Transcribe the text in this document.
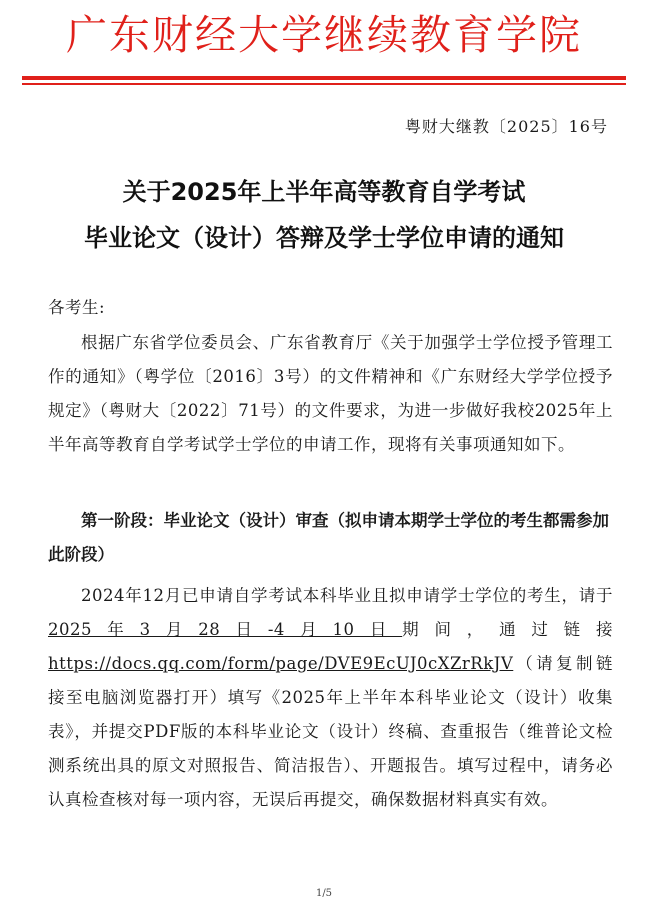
广东财经大学继续教育学院
粤财大继教〔2025〕16号
关于2025年上半年高等教育自学考试
毕业论文（设计）答辩及学士学位申请的通知
各考生:
根据广东省学位委员会、广东省教育厅《关于加强学士学位授予管理工作的通知》（粤学位〔2016〕3号）的文件精神和《广东财经大学学位授予规定》（粤财大〔2022〕71号）的文件要求，为进一步做好我校2025年上半年高等教育自学考试学士学位的申请工作，现将有关事项通知如下。
第一阶段：毕业论文（设计）审查（拟申请本期学士学位的考生都需参加此阶段）
2024年12月已申请自学考试本科毕业且拟申请学士学位的考生，请于2025年3月28日-4月10日期间，通过链接https://docs.qq.com/form/page/DVE9EcUJ0cXZrRkJV（请复制链接至电脑浏览器打开）填写《2025年上半年本科毕业论文（设计）收集表》，并提交PDF版的本科毕业论文（设计）终稿、查重报告（维普论文检测系统出具的原文对照报告、简洁报告）、开题报告。填写过程中，请务必认真检查核对每一项内容，无误后再提交，确保数据材料真实有效。
1/5
